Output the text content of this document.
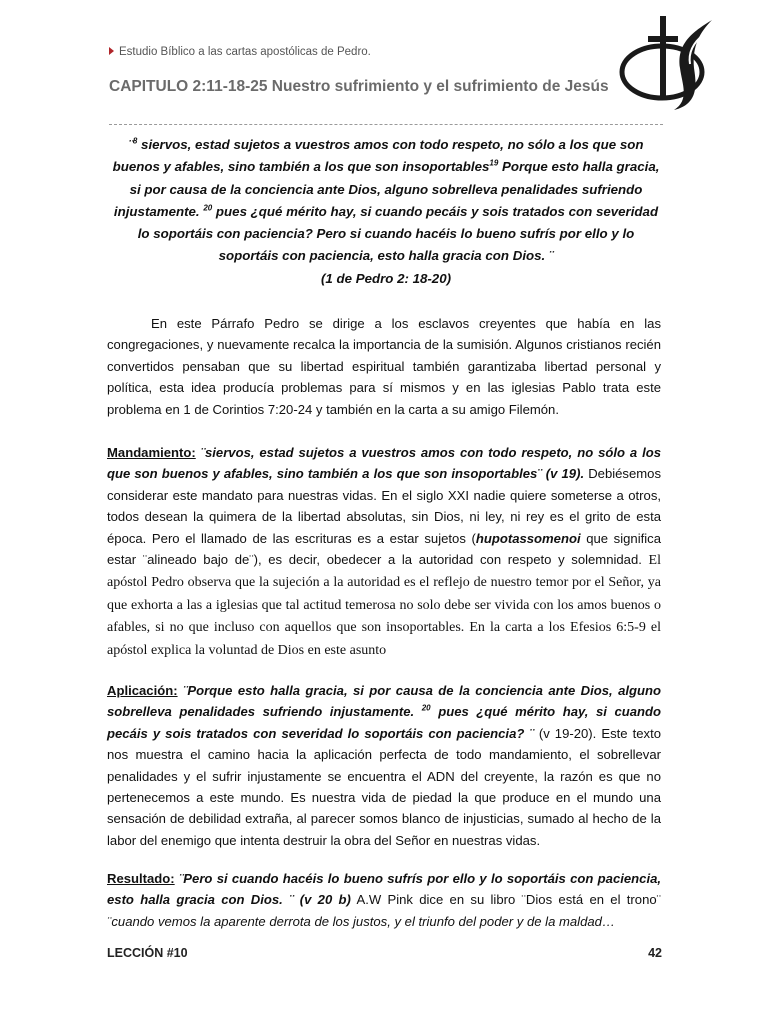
Estudio Bíblico a las cartas apostólicas de Pedro.
CAPITULO 2:11-18-25 Nuestro sufrimiento y el sufrimiento de Jesús
¨$^8$ siervos, estad sujetos a vuestros amos con todo respeto, no sólo a los que son buenos y afables, sino también a los que son insoportables$^{19}$ Porque esto halla gracia, si por causa de la conciencia ante Dios, alguno sobrelleva penalidades sufriendo injustamente. $^{20}$ pues ¿qué mérito hay, si cuando pecáis y sois tratados con severidad lo soportáis con paciencia? Pero si cuando hacéis lo bueno sufrís por ello y lo soportáis con paciencia, esto halla gracia con Dios. ¨
(1 de Pedro 2: 18-20)
En este Párrafo Pedro se dirige a los esclavos creyentes que había en las congregaciones, y nuevamente recalca la importancia de la sumisión. Algunos cristianos recién convertidos pensaban que su libertad espiritual también garantizaba libertad personal y política, esta idea producía problemas para sí mismos y en las iglesias Pablo trata este problema en 1 de Corintios 7:20-24 y también en la carta a su amigo Filemón.
Mandamiento: ¨siervos, estad sujetos a vuestros amos con todo respeto, no sólo a los que son buenos y afables, sino también a los que son insoportables¨ (v 19). Debiésemos considerar este mandato para nuestras vidas. En el siglo XXI nadie quiere someterse a otros, todos desean la quimera de la libertad absolutas, sin Dios, ni ley, ni rey es el grito de esta época. Pero el llamado de las escrituras es a estar sujetos (hupotassomenoi que significa estar ¨alineado bajo de¨), es decir, obedecer a la autoridad con respeto y solemnidad. El apóstol Pedro observa que la sujeción a la autoridad es el reflejo de nuestro temor por el Señor, ya que exhorta a las a iglesias que tal actitud temerosa no solo debe ser vivida con los amos buenos o afables, si no que incluso con aquellos que son insoportables. En la carta a los Efesios 6:5-9 el apóstol explica la voluntad de Dios en este asunto
Aplicación: ¨Porque esto halla gracia, si por causa de la conciencia ante Dios, alguno sobrelleva penalidades sufriendo injustamente. $^{20}$ pues ¿qué mérito hay, si cuando pecáis y sois tratados con severidad lo soportáis con paciencia? ¨ (v 19-20). Este texto nos muestra el camino hacia la aplicación perfecta de todo mandamiento, el sobrellevar penalidades y el sufrir injustamente se encuentra el ADN del creyente, la razón es que no pertenecemos a este mundo. Es nuestra vida de piedad la que produce en el mundo una sensación de debilidad extraña, al parecer somos blanco de injusticias, sumado al hecho de la labor del enemigo que intenta destruir la obra del Señor en nuestras vidas.
Resultado: ¨Pero si cuando hacéis lo bueno sufrís por ello y lo soportáis con paciencia, esto halla gracia con Dios. ¨ (v 20 b) A.W Pink dice en su libro ¨Dios está en el trono¨ ¨cuando vemos la aparente derrota de los justos, y el triunfo del poder y de la maldad…
LECCIÓN #10	42
